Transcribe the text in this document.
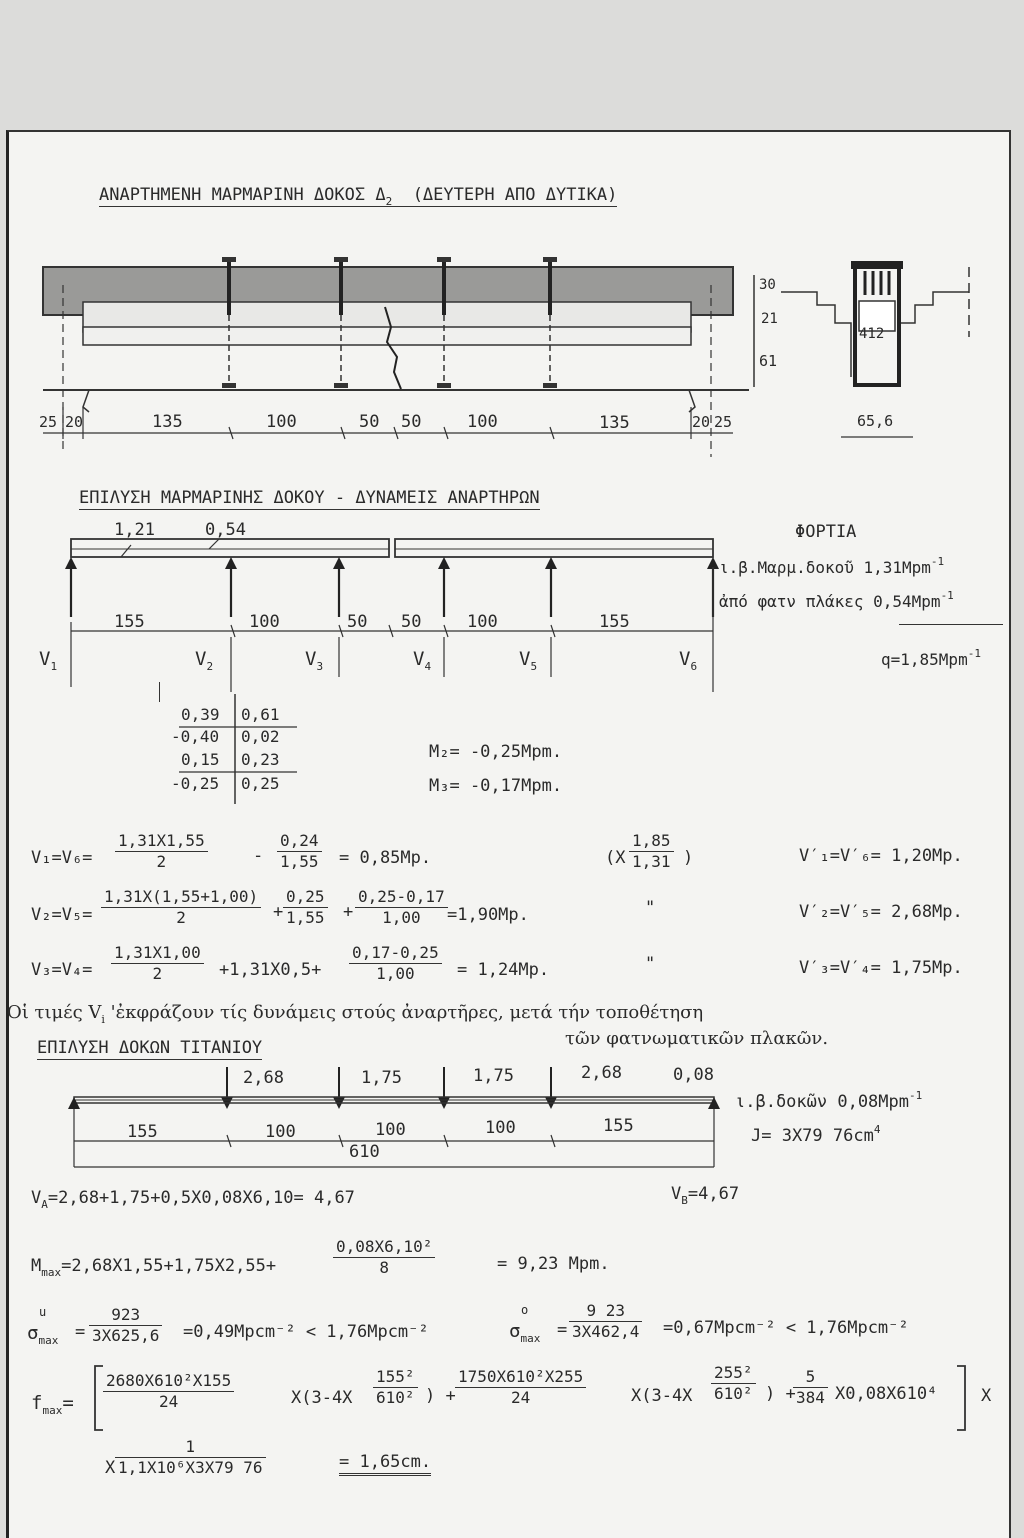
ΑΝΑΡΤΗΜΕΝΗ ΜΑΡΜΑΡΙΝΗ ΔΟΚΟΣ $\Delta_2$ (ΔΕΥΤΕΡΗ ΑΠΟ ΔΥΤΙΚΑ)
25 20	135	100	50 50	100	135	20 25
30
21
61
412
65,6
ΕΠΙΛΥΣΗ ΜΑΡΜΑΡΙΝΗΣ ΔΟΚΟΥ - ΔΥΝΑΜΕΙΣ ΑΝΑΡΤΗΡΩΝ
1,21	0,54
155	100	50 50	100	155
$V_1$	$V_2$	$V_3$	$V_4$	$V_5$	$V_6$
ΦΟΡΤΙΑ
ι.β.Μαρμ.δοκοῦ 1,31Mpm$^{-1}$
ἀπό φατν πλάκες 0,54Mpm$^{-1}$
q=1,85Mpm$^{-1}$
0,39 0,61
-0,40 0,02
0,15 0,23
-0,25 0,25
M₂= -0,25Mpm.
M₃= -0,17Mpm.
$V_1=V_6= \frac{1,31X1,55}{2}$	- $\frac{0,24}{1,55} = 0,85Mp$.	($X \frac{1,85}{1,31}$ )	V′₁=V′₆= 1,20Mp.
$V_2=V_5= \frac{1,31X(1,55+1,00)}{2} + \frac{0,25}{1,55} + \frac{0,25-0,17}{1,00} =1,90Mp$.	"	V′₂=V′₅= 2,68Mp.
$V_3=V_4= \frac{1,31X1,00}{2} +1,31X0,5+ \frac{0,17-0,25}{1,00} = 1,24Mp$.	"	V′₃=V′₄= 1,75Mp.
Οἱ τιμές $V_i$ 'ἐκφράζουν τίς δυνάμεις στούς ἀναρτῆρες, μετά τήν τοποθέτηση
τῶν φατνωματικῶν πλακῶν.
ΕΠΙΛΥΣΗ ΔΟΚΩΝ ΤΙΤΑΝΙΟΥ
2,68	1,75	1,75	2,68	0,08
155	100	100	100	155
610
ι.β.δοκῶν 0,08Mpm$^{-1}$
J= 3X79 $76cm^4$
$V_A=2,68+1,75+0,5X0,08X6,10= 4,67$	$V_B=4,67$
$M_{max}=2,68X1,55+1,75X2,55+$	$\frac{\text{0,08X6,10²}}{8}$	= 9,23 Mpm.
$\sigma_{max}$
u
= $\frac{923}{3X625,6}$ =0,49Mpcm⁻² < 1,76Mpcm⁻²	$\sigma_{max}$
o
= $\frac{9 23}{3X462,4}$ =0,67Mpcm⁻² < 1,76Mpcm⁻²
$f_{max}= \frac{\text{2680X610²X155}}{24}$	$X(3-4X \frac{\text{155²}}{\text{610²}}$ ) + $\frac{\text{1750X610²X255}}{24}$	$X(3-4X \frac{\text{255²}}{\text{610²}}$ ) +
$\frac{5}{384} X0,08X610^4$	X
X $\frac{1}{\text{1,1X10⁶X3X79 76}}$	= 1,65cm.
